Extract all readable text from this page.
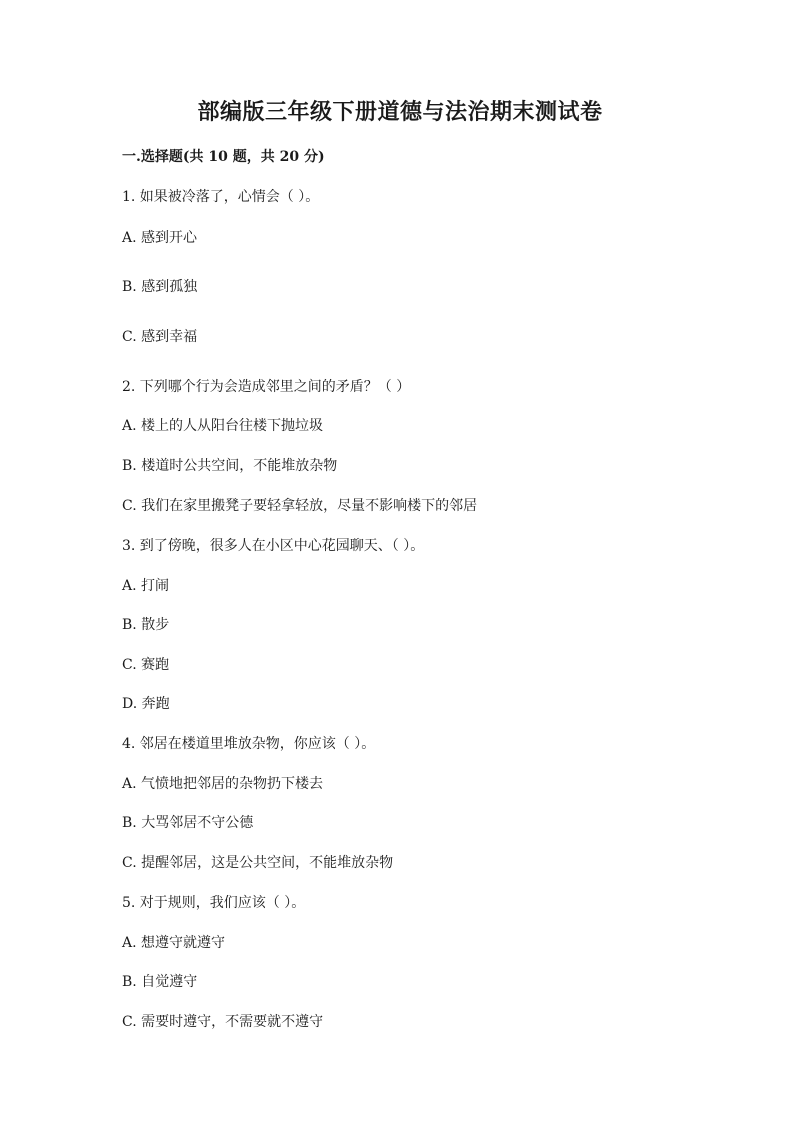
部编版三年级下册道德与法治期末测试卷
一.选择题(共 10 题，共 20 分)
1. 如果被冷落了，心情会（ ）。
A. 感到开心
B. 感到孤独
C. 感到幸福
2. 下列哪个行为会造成邻里之间的矛盾？（ ）
A. 楼上的人从阳台往楼下抛垃圾
B. 楼道时公共空间，不能堆放杂物
C. 我们在家里搬凳子要轻拿轻放，尽量不影响楼下的邻居
3. 到了傍晚，很多人在小区中心花园聊天、（ ）。
A. 打闹
B. 散步
C. 赛跑
D. 奔跑
4. 邻居在楼道里堆放杂物，你应该（ ）。
A. 气愤地把邻居的杂物扔下楼去
B. 大骂邻居不守公德
C. 提醒邻居，这是公共空间，不能堆放杂物
5. 对于规则，我们应该（ ）。
A. 想遵守就遵守
B. 自觉遵守
C. 需要时遵守，不需要就不遵守
